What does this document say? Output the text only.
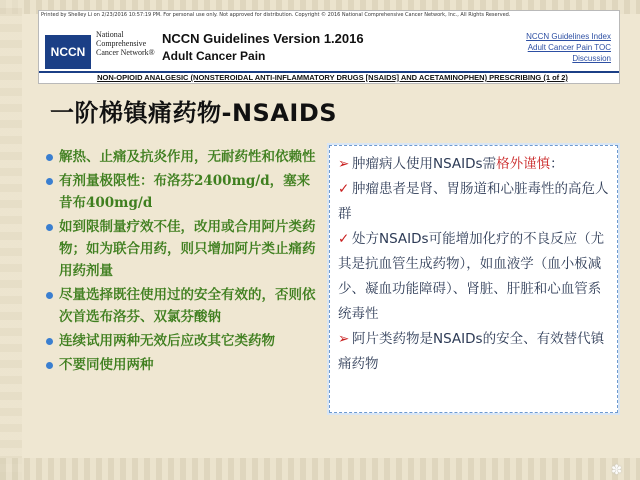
Printed by Shelley Li on 2/23/2016 10:57:19 PM. For personal use only. Not approved for distribution. Copyright © 2016 National Comprehensive Cancer Network, Inc., All Rights Reserved.
NCCN
National Comprehensive Cancer Network®
NCCN Guidelines Version 1.2016
Adult Cancer Pain
NCCN Guidelines Index
Adult Cancer Pain TOC
Discussion
NON-OPIOID ANALGESIC (NONSTEROIDAL ANTI-INFLAMMATORY DRUGS [NSAIDS] AND ACETAMINOPHEN) PRESCRIBING (1 of 2)
一阶梯镇痛药物-NSAIDS
解热、止痛及抗炎作用，无耐药性和依赖性
有剂量极限性：布洛芬2400mg/d，塞来昔布400mg/d
如到限制量疗效不佳，改用或合用阿片类药物；如为联合用药，则只增加阿片类止痛药用药剂量
尽量选择既往使用过的安全有效的，否则依次首选布洛芬、双氯芬酸钠
连续试用两种无效后应改其它类药物
不要同使用两种
➢ 肿瘤病人使用NSAIDs需格外谨慎：
✓ 肿瘤患者是肾、胃肠道和心脏毒性的高危人群
✓ 处方NSAIDs可能增加化疗的不良反应（尤其是抗血管生成药物），如血液学（血小板减少、凝血功能障碍）、肾脏、肝脏和心血管系统毒性
➢ 阿片类药物是NSAIDs的安全、有效替代镇痛药物
✽
